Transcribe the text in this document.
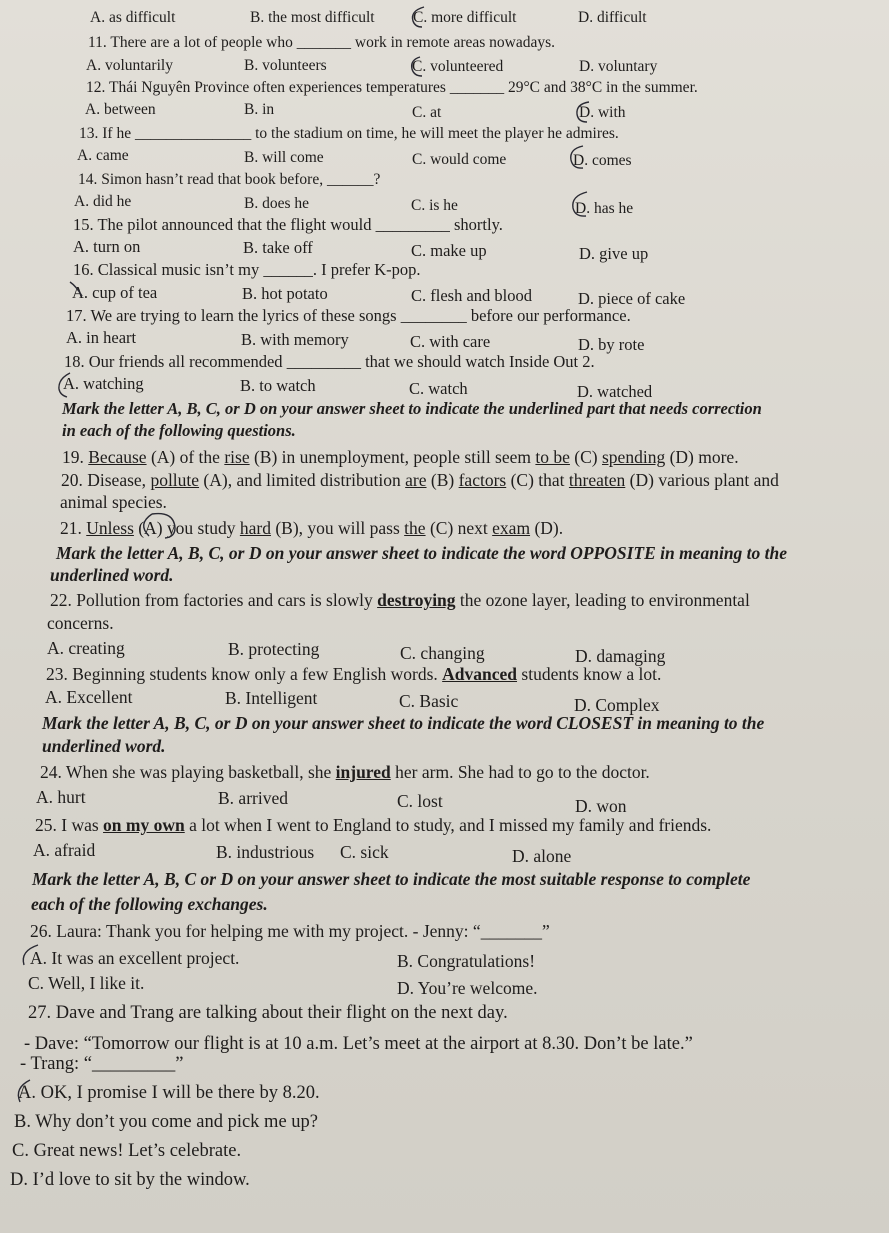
A. as difficult	B. the most difficult C. more difficult	D. difficult
11. There are a lot of people who _______ work in remote areas nowadays.
A. voluntarily	B. volunteers	C. volunteered	D. voluntary
12. Thái Nguyên Province often experiences temperatures _______ 29°C and 38°C in the summer.
A. between	B. in	C. at	D. with
13. If he _______________ to the stadium on time, he will meet the player he admires.
A. came	B. will come	C. would come	D. comes
14. Simon hasn’t read that book before, ______?
A. did he	B. does he	C. is he	D. has he
15. The pilot announced that the flight would _________ shortly.
A. turn on	B. take off	C. make up	D. give up
16. Classical music isn’t my ______. I prefer K-pop.
A. cup of tea	B. hot potato	C. flesh and blood	D. piece of cake
17. We are trying to learn the lyrics of these songs ________ before our performance.
A. in heart	B. with memory	C. with care	D. by rote
18. Our friends all recommended _________ that we should watch Inside Out 2.
A. watching	B. to watch	C. watch	D. watched
Mark the letter A, B, C, or D on your answer sheet to indicate the underlined part that needs correction
in each of the following questions.
19. Because (A) of the rise (B) in unemployment, people still seem to be (C) spending (D) more.
20. Disease, pollute (A), and limited distribution are (B) factors (C) that threaten (D) various plant and
animal species.
21. Unless (A) you study hard (B), you will pass the (C) next exam (D).
Mark the letter A, B, C, or D on your answer sheet to indicate the word OPPOSITE in meaning to the
underlined word.
22. Pollution from factories and cars is slowly destroying the ozone layer, leading to environmental
concerns.
A. creating	B. protecting	C. changing	D. damaging
23. Beginning students know only a few English words. Advanced students know a lot.
A. Excellent	B. Intelligent	C. Basic	D. Complex
Mark the letter A, B, C, or D on your answer sheet to indicate the word CLOSEST in meaning to the
underlined word.
24. When she was playing basketball, she injured her arm. She had to go to the doctor.
A. hurt	B. arrived	C. lost	D. won
25. I was on my own a lot when I went to England to study, and I missed my family and friends.
A. afraid	B. industrious C. sick	D. alone
Mark the letter A, B, C or D on your answer sheet to indicate the most suitable response to complete
each of the following exchanges.
26. Laura: Thank you for helping me with my project. - Jenny: “_______”
A. It was an excellent project.	B. Congratulations!
C. Well, I like it.	D. You’re welcome.
27. Dave and Trang are talking about their flight on the next day.
- Dave: “Tomorrow our flight is at 10 a.m. Let’s meet at the airport at 8.30. Don’t be late.”
- Trang: “_________”
A. OK, I promise I will be there by 8.20.
B. Why don’t you come and pick me up?
C. Great news! Let’s celebrate.
D. I’d love to sit by the window.
